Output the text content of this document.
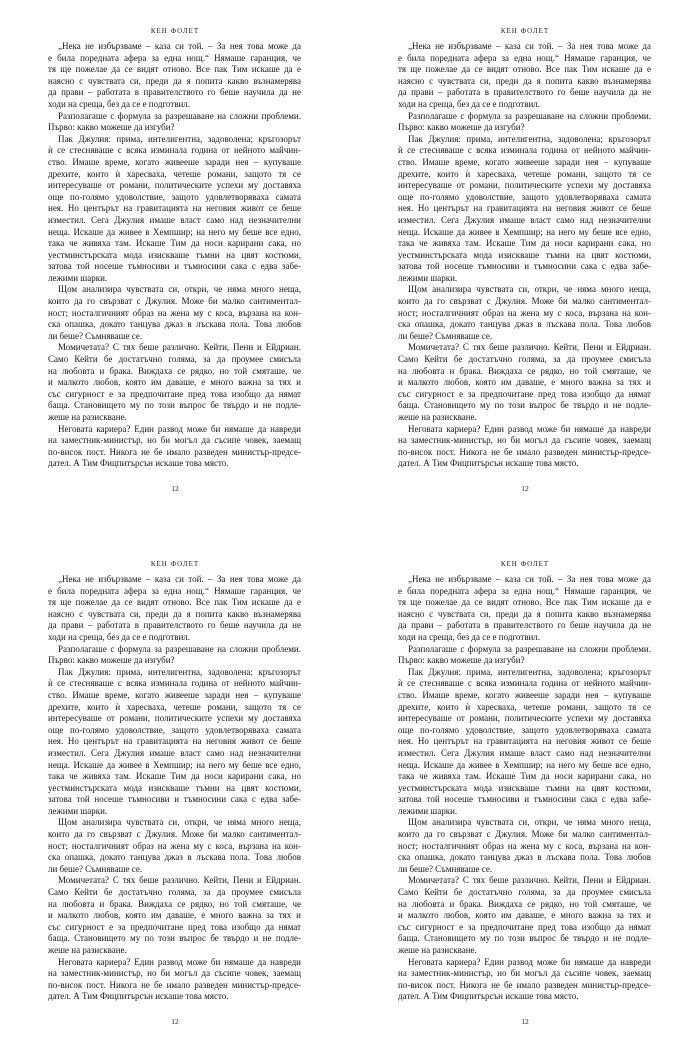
КЕН ФОЛЕТ
„Нека не избързваме – каза си той. – За нея това може да
е била поредната афера за една нощ.“ Нямаше гаранция, че
тя ще пожелае да се видят отново. Все пак Тим искаше да е
наясно с чувствата си, преди да я попита какво възнамерява
да прави – работата в правителството го беше научила да не
ходи на среща, без да се е подготвил.
Разполагаше с формула за разрешаване на сложни проблеми.
Първо: какво можеше да изгуби?
Пак Джулия: прима, интелигентна, задоволена; кръгозорът
ѝ се стесняваше с всяка изминала година от нейното майчин-
ство. Имаше време, когато живееше заради нея – купуваше
дрехите, които ѝ харесваха, четеше романи, защото тя се
интересуваше от романи, политическите успехи му доставяха
още по-голямо удоволствие, защото удовлетворяваха самата
нея. Но центърът на гравитацията на неговия живот се беше
изместил. Сега Джулия имаше власт само над незначителни
неща. Искаше да живее в Хемпшир; на него му беше все едно,
така че живяха там. Искаше Тим да носи карирани сака, но
уестминстърската мода изискваше тъмни на цвят костюми,
затова той носеше тъмносиви и тъмносини сака с едва забе-
лежими шарки.
Щом анализира чувствата си, откри, че няма много неща,
които да го свързват с Джулия. Може би малко сантиментал-
ност; носталгичният образ на жена му с коса, вързана на кон-
ска опашка, докато танцува джаз в лъскава пола. Това любов
ли беше? Съмняваше се.
Момичетата? С тях беше различно. Кейти, Пени и Ейдриан.
Само Кейти бе достатъчно голяма, за да проумее смисъла
на любовта и брака. Виждаха се рядко, но той смяташе, че
и малкото любов, която им даваше, е много важна за тях и
със сигурност е за предпочитане пред това изобщо да нямат
баща. Становището му по този въпрос бе твърдо и не подле-
жеше на разискване.
Неговата кариера? Един развод може би нямаше да навреди
на заместник-министър, но би могъл да съсипе човек, заемащ
по-висок пост. Никога не бе имало разведен министър-предсе-
дател. А Тим Фицпитърсън искаше това място.
12
КЕН ФОЛЕТ
„Нека не избързваме – каза си той. – За нея това може да
е била поредната афера за една нощ.“ Нямаше гаранция, че
тя ще пожелае да се видят отново. Все пак Тим искаше да е
наясно с чувствата си, преди да я попита какво възнамерява
да прави – работата в правителството го беше научила да не
ходи на среща, без да се е подготвил.
Разполагаше с формула за разрешаване на сложни проблеми.
Първо: какво можеше да изгуби?
Пак Джулия: прима, интелигентна, задоволена; кръгозорът
ѝ се стесняваше с всяка изминала година от нейното майчин-
ство. Имаше време, когато живееше заради нея – купуваше
дрехите, които ѝ харесваха, четеше романи, защото тя се
интересуваше от романи, политическите успехи му доставяха
още по-голямо удоволствие, защото удовлетворяваха самата
нея. Но центърът на гравитацията на неговия живот се беше
изместил. Сега Джулия имаше власт само над незначителни
неща. Искаше да живее в Хемпшир; на него му беше все едно,
така че живяха там. Искаше Тим да носи карирани сака, но
уестминстърската мода изискваше тъмни на цвят костюми,
затова той носеше тъмносиви и тъмносини сака с едва забе-
лежими шарки.
Щом анализира чувствата си, откри, че няма много неща,
които да го свързват с Джулия. Може би малко сантиментал-
ност; носталгичният образ на жена му с коса, вързана на кон-
ска опашка, докато танцува джаз в лъскава пола. Това любов
ли беше? Съмняваше се.
Момичетата? С тях беше различно. Кейти, Пени и Ейдриан.
Само Кейти бе достатъчно голяма, за да проумее смисъла
на любовта и брака. Виждаха се рядко, но той смяташе, че
и малкото любов, която им даваше, е много важна за тях и
със сигурност е за предпочитане пред това изобщо да нямат
баща. Становището му по този въпрос бе твърдо и не подле-
жеше на разискване.
Неговата кариера? Един развод може би нямаше да навреди
на заместник-министър, но би могъл да съсипе човек, заемащ
по-висок пост. Никога не бе имало разведен министър-предсе-
дател. А Тим Фицпитърсън искаше това място.
12
КЕН ФОЛЕТ
„Нека не избързваме – каза си той. – За нея това може да
е била поредната афера за една нощ.“ Нямаше гаранция, че
тя ще пожелае да се видят отново. Все пак Тим искаше да е
наясно с чувствата си, преди да я попита какво възнамерява
да прави – работата в правителството го беше научила да не
ходи на среща, без да се е подготвил.
Разполагаше с формула за разрешаване на сложни проблеми.
Първо: какво можеше да изгуби?
Пак Джулия: прима, интелигентна, задоволена; кръгозорът
ѝ се стесняваше с всяка изминала година от нейното майчин-
ство. Имаше време, когато живееше заради нея – купуваше
дрехите, които ѝ харесваха, четеше романи, защото тя се
интересуваше от романи, политическите успехи му доставяха
още по-голямо удоволствие, защото удовлетворяваха самата
нея. Но центърът на гравитацията на неговия живот се беше
изместил. Сега Джулия имаше власт само над незначителни
неща. Искаше да живее в Хемпшир; на него му беше все едно,
така че живяха там. Искаше Тим да носи карирани сака, но
уестминстърската мода изискваше тъмни на цвят костюми,
затова той носеше тъмносиви и тъмносини сака с едва забе-
лежими шарки.
Щом анализира чувствата си, откри, че няма много неща,
които да го свързват с Джулия. Може би малко сантиментал-
ност; носталгичният образ на жена му с коса, вързана на кон-
ска опашка, докато танцува джаз в лъскава пола. Това любов
ли беше? Съмняваше се.
Момичетата? С тях беше различно. Кейти, Пени и Ейдриан.
Само Кейти бе достатъчно голяма, за да проумее смисъла
на любовта и брака. Виждаха се рядко, но той смяташе, че
и малкото любов, която им даваше, е много важна за тях и
със сигурност е за предпочитане пред това изобщо да нямат
баща. Становището му по този въпрос бе твърдо и не подле-
жеше на разискване.
Неговата кариера? Един развод може би нямаше да навреди
на заместник-министър, но би могъл да съсипе човек, заемащ
по-висок пост. Никога не бе имало разведен министър-предсе-
дател. А Тим Фицпитърсън искаше това място.
12
КЕН ФОЛЕТ
„Нека не избързваме – каза си той. – За нея това може да
е била поредната афера за една нощ.“ Нямаше гаранция, че
тя ще пожелае да се видят отново. Все пак Тим искаше да е
наясно с чувствата си, преди да я попита какво възнамерява
да прави – работата в правителството го беше научила да не
ходи на среща, без да се е подготвил.
Разполагаше с формула за разрешаване на сложни проблеми.
Първо: какво можеше да изгуби?
Пак Джулия: прима, интелигентна, задоволена; кръгозорът
ѝ се стесняваше с всяка изминала година от нейното майчин-
ство. Имаше време, когато живееше заради нея – купуваше
дрехите, които ѝ харесваха, четеше романи, защото тя се
интересуваше от романи, политическите успехи му доставяха
още по-голямо удоволствие, защото удовлетворяваха самата
нея. Но центърът на гравитацията на неговия живот се беше
изместил. Сега Джулия имаше власт само над незначителни
неща. Искаше да живее в Хемпшир; на него му беше все едно,
така че живяха там. Искаше Тим да носи карирани сака, но
уестминстърската мода изискваше тъмни на цвят костюми,
затова той носеше тъмносиви и тъмносини сака с едва забе-
лежими шарки.
Щом анализира чувствата си, откри, че няма много неща,
които да го свързват с Джулия. Може би малко сантиментал-
ност; носталгичният образ на жена му с коса, вързана на кон-
ска опашка, докато танцува джаз в лъскава пола. Това любов
ли беше? Съмняваше се.
Момичетата? С тях беше различно. Кейти, Пени и Ейдриан.
Само Кейти бе достатъчно голяма, за да проумее смисъла
на любовта и брака. Виждаха се рядко, но той смяташе, че
и малкото любов, която им даваше, е много важна за тях и
със сигурност е за предпочитане пред това изобщо да нямат
баща. Становището му по този въпрос бе твърдо и не подле-
жеше на разискване.
Неговата кариера? Един развод може би нямаше да навреди
на заместник-министър, но би могъл да съсипе човек, заемащ
по-висок пост. Никога не бе имало разведен министър-предсе-
дател. А Тим Фицпитърсън искаше това място.
12
